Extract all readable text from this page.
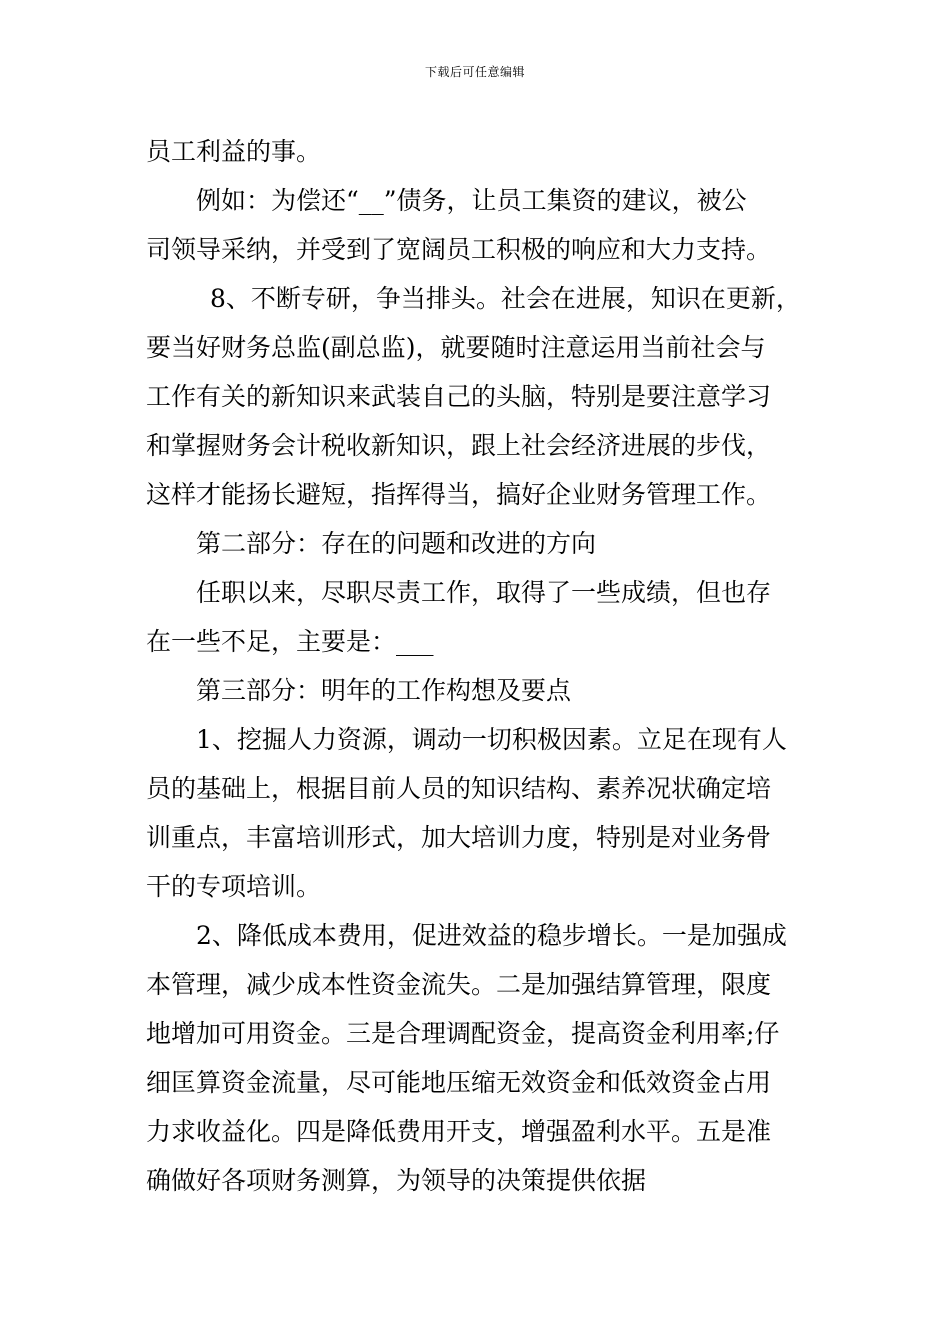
下载后可任意编辑
员工利益的事。
例如：为偿还“__”债务，让员工集资的建议，被公
司领导采纳，并受到了宽阔员工积极的响应和大力支持。
8、不断专研，争当排头。社会在进展，知识在更新，
要当好财务总监(副总监)，就要随时注意运用当前社会与
工作有关的新知识来武装自己的头脑，特别是要注意学习
和掌握财务会计税收新知识，跟上社会经济进展的步伐，
这样才能扬长避短，指挥得当，搞好企业财务管理工作。
第二部分：存在的问题和改进的方向
任职以来，尽职尽责工作，取得了一些成绩，但也存
在一些不足，主要是：___
第三部分：明年的工作构想及要点
1、挖掘人力资源，调动一切积极因素。立足在现有人
员的基础上，根据目前人员的知识结构、素养况状确定培
训重点，丰富培训形式，加大培训力度，特别是对业务骨
干的专项培训。
2、降低成本费用，促进效益的稳步增长。一是加强成
本管理，减少成本性资金流失。二是加强结算管理，限度
地增加可用资金。三是合理调配资金，提高资金利用率;仔
细匡算资金流量，尽可能地压缩无效资金和低效资金占用
力求收益化。四是降低费用开支，增强盈利水平。五是准
确做好各项财务测算，为领导的决策提供依据
